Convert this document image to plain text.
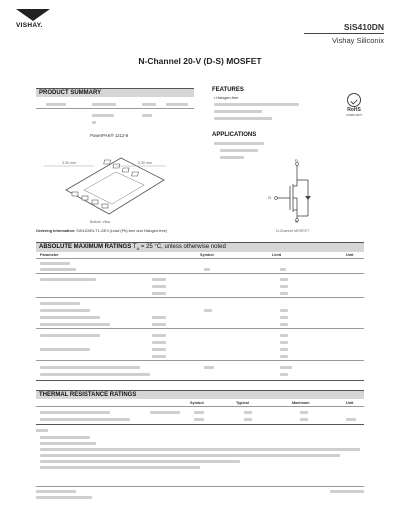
VISHAY.	SiS410DN
Vishay Siliconix
N-Channel 20-V (D-S) MOSFET
PRODUCT SUMMARY
PowerPAK® 1212-8
3.30 mm	3.30 mm
Bottom View
Ordering Information: SiS410DN-T1-GE3 (Lead (Pb)-free and Halogen-free)
FEATURES
• Halogen-free
RoHS
COMPLIANT
APPLICATIONS
D
G
S
N-Channel MOSFET
ABSOLUTE MAXIMUM RATINGS $T_A = 25$ °C, unless otherwise noted
Parameter	Symbol	Limit	Unit
THERMAL RESISTANCE RATINGS
Symbol	Typical	Maximum	Unit
